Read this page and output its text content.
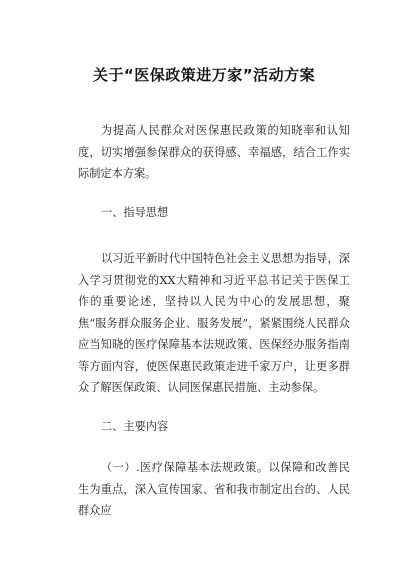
关于“医保政策进万家”活动方案
为提高人民群众对医保惠民政策的知晓率和认知度，切实增强参保群众的获得感、幸福感，结合工作实际制定本方案。
一、指导思想
以习近平新时代中国特色社会主义思想为指导，深入学习贯彻党的XX大精神和习近平总书记关于医保工作的重要论述，坚持以人民为中心的发展思想，聚焦“服务群众服务企业、服务发展”，紧紧围绕人民群众应当知晓的医疗保障基本法规政策、医保经办服务指南等方面内容，使医保惠民政策走进千家万户，让更多群众了解医保政策、认同医保惠民措施、主动参保。
二、主要内容
（一）.医疗保障基本法规政策。以保障和改善民生为重点，深入宣传国家、省和我市制定出台的、人民群众应
